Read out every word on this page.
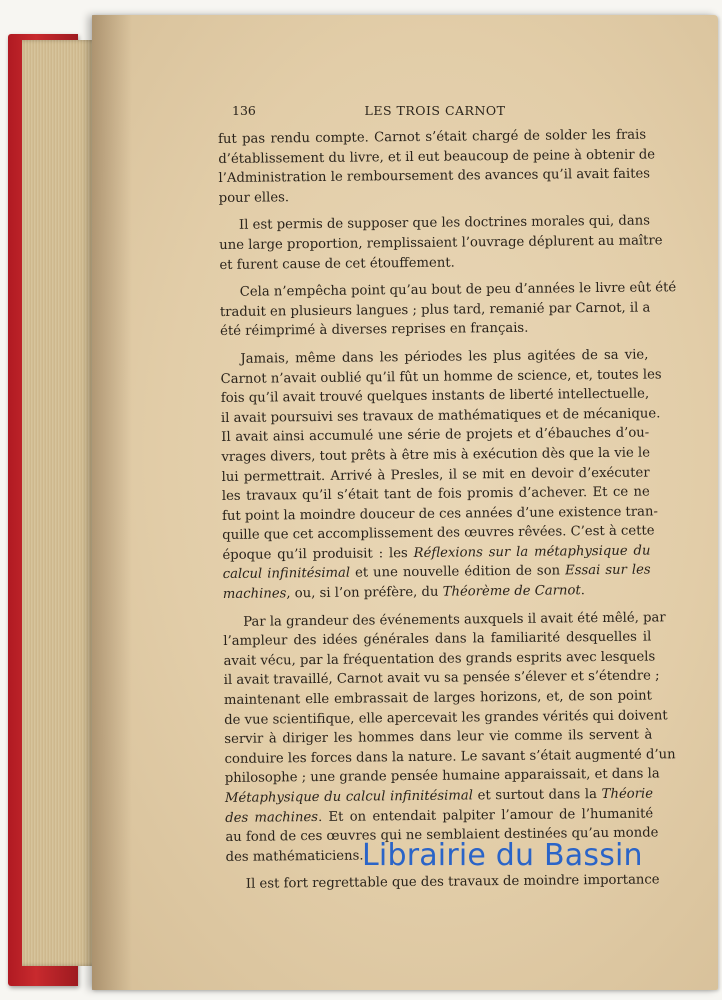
136	LES TROIS CARNOT
fut pas rendu compte. Carnot s’était chargé de solder les frais
d’établissement du livre, et il eut beaucoup de peine à obtenir de
l’Administration le remboursement des avances qu’il avait faites
pour elles.
Il est permis de supposer que les doctrines morales qui, dans
une large proportion, remplissaient l’ouvrage déplurent au maître
et furent cause de cet étouffement.
Cela n’empêcha point qu’au bout de peu d’années le livre eût été
traduit en plusieurs langues ; plus tard, remanié par Carnot, il a
été réimprimé à diverses reprises en français.
Jamais, même dans les périodes les plus agitées de sa vie,
Carnot n’avait oublié qu’il fût un homme de science, et, toutes les
fois qu’il avait trouvé quelques instants de liberté intellectuelle,
il avait poursuivi ses travaux de mathématiques et de mécanique.
Il avait ainsi accumulé une série de projets et d’ébauches d’ou-
vrages divers, tout prêts à être mis à exécution dès que la vie le
lui permettrait. Arrivé à Presles, il se mit en devoir d’exécuter
les travaux qu’il s’était tant de fois promis d’achever. Et ce ne
fut point la moindre douceur de ces années d’une existence tran-
quille que cet accomplissement des œuvres rêvées. C’est à cette
époque qu’il produisit : les Réflexions sur la métaphysique du
calcul infinitésimal et une nouvelle édition de son Essai sur les
machines, ou, si l’on préfère, du Théorème de Carnot.
Par la grandeur des événements auxquels il avait été mêlé, par
l’ampleur des idées générales dans la familiarité desquelles il
avait vécu, par la fréquentation des grands esprits avec lesquels
il avait travaillé, Carnot avait vu sa pensée s’élever et s’étendre ;
maintenant elle embrassait de larges horizons, et, de son point
de vue scientifique, elle apercevait les grandes vérités qui doivent
servir à diriger les hommes dans leur vie comme ils servent à
conduire les forces dans la nature. Le savant s’était augmenté d’un
philosophe ; une grande pensée humaine apparaissait, et dans la
Métaphysique du calcul infinitésimal et surtout dans la Théorie
des machines. Et on entendait palpiter l’amour de l’humanité
au fond de ces œuvres qui ne semblaient destinées qu’au monde
des mathématiciens.
Il est fort regrettable que des travaux de moindre importance
Librairie du Bassin
